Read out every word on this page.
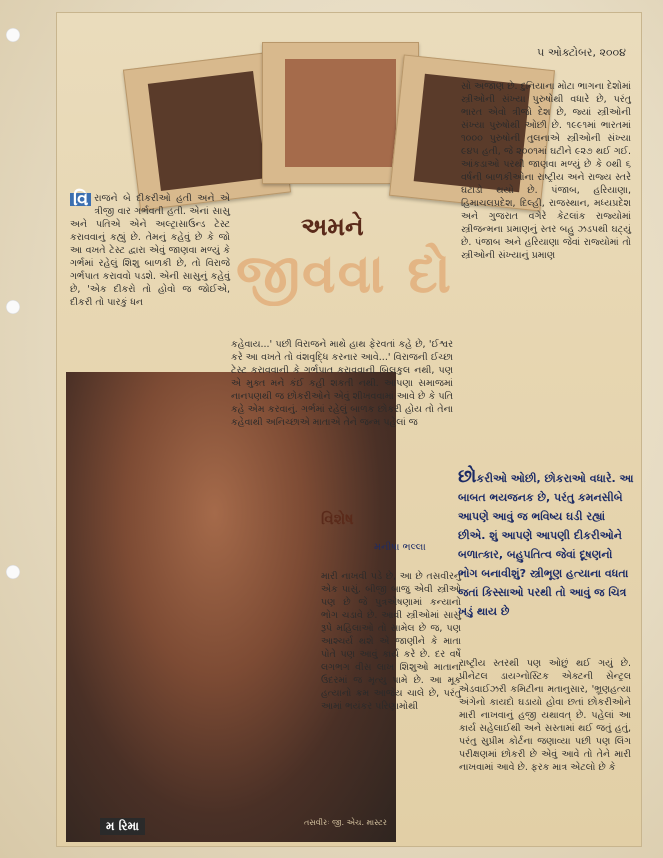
૫ ઓક્ટોબર, ૨૦૦૪
વિ રાજને બે દીકરીઓ હતી અને એ ત્રીજી વાર ગર્ભવતી હતી. એનાં સાસુ અને પતિએ એને અલ્ટ્રાસાઉન્ડ ટેસ્ટ કરાવવાનું કહ્યું છે. તેમનું કહેવું છે કે જો આ વખતે ટેસ્ટ દ્વારા એવું જાણવા મળ્યું કે ગર્ભમાં રહેલું શિશુ બાળકી છે, તો વિરાજે ગર્ભપાત કરાવવો પડશે. એની સાસુનું કહેવું છે, 'એક દીકરો તો હોવો જ જોઈએ, દીકરી તો પારકું ધન
અમને
જીવવા દો
સો અજાણ છે. દુનિયાના મોટા ભાગના દેશોમાં સ્ત્રીઓની સંખ્યા પુરુષોથી વધારે છે, પરંતુ ભારત એવો ત્રીજો દેશ છે, જ્યાં સ્ત્રીઓની સંખ્યા પુરુષોથી ઓછી છે. ૧૯૯૧માં ભારતમાં ૧૦૦૦ પુરુષોની તુલનાએ સ્ત્રીઓની સંખ્યા ૯૪૫ હતી, જે ૨૦૦૧માં ઘટીને ૯૨૭ થઈ ગઈ. આંકડાઓ પરથી જાણવા મળ્યું છે કે ૦થી ૬ વર્ષની બાળકીઓના રાષ્ટ્રીય અને રાજ્ય સ્તરે ઘટાડો થયો છે. પંજાબ, હરિયાણા, હિમાચલપ્રદેશ, દિલ્હી, રાજસ્થાન, મધ્યપ્રદેશ અને ગુજરાત વગેરે કેટલાંક રાજ્યોમાં સ્ત્રીજન્મના પ્રમાણનું સ્તર બહુ ઝડપથી ઘટ્યું છે. પંજાબ અને હરિયાણા જેવાં રાજ્યોમાં તો સ્ત્રીઓની સંખ્યાનું પ્રમાણ
કહેવાય...' પછી વિરાજને માથે હાથ ફેરવતાં કહે છે, 'ઈશ્વર કરે આ વખતે તો વંશવૃદ્ધિ કરનાર આવે...' વિરાજની ઈચ્છા ટેસ્ટ કરાવવાની કે ગર્ભપાત કરાવવાની બિલકુલ નથી, પણ એ મુક્ત મને કંઈ કહી શકતી નથી. આપણા સમાજમાં નાનપણથી જ છોકરીઓને એવું શીખવવામાં આવે છે કે પતિ કહે એમ કરવાનું. ગર્ભમાં રહેલું બાળક છોકરી હોય તો તેના કહેવાથી અનિચ્છાએ માતાએ તેને જન્મ પહેલાં જ
વિશેષ
મનીષા ભલ્લા
મારી નાખવી પડે છે, આ છે તસવીરનું એક પાસું. બીજી બાજુ એવી સ્ત્રીઓ પણ છે જે પુત્રએષણામાં કન્યાનો ભોગ ચડાવે છે. આવી સ્ત્રીઓમાં સાસુ રૂપે મહિલાઓ તો સામેલ છે જ, પણ આશ્ચર્ય થશે એ જાણીને કે માતા પોતે પણ આવું કાર્ય કરે છે. દર વર્ષે લગભગ વીસ લાખ શિશુઓ માતાના ઉદરમાં જ મૃત્યુ પામે છે. આ મૂક હત્યાનો ક્રમ આજેય ચાલે છે, પરંતુ આમાં ભયંકર પરિણામોથી
છોકરીઓ ઓછી, છોકરાઓ વધારે. આ બાબત ભયજનક છે, પરંતુ કમનસીબે આપણે આવું જ ભવિષ્ય ઘડી રહ્યાં છીએ. શું આપણે આપણી દીકરીઓને બળાત્કાર, બહુપતિત્વ જેવાં દૂષણનો ભોગ બનાવીશું? સ્ત્રીભૂણ હત્યાના વધતા જતાં કિસ્સાઓ પરથી તો આવું જ ચિત્ર ખડું થાય છે
રાષ્ટ્રીય સ્તરથી પણ ઓછું થઈ ગયું છે. પ્રીનેટલ ડાયગ્નોસ્ટિક એક્ટની સેન્ટ્રલ એડવાઈઝરી કમિટીના મતાનુસાર, 'ભ્રૂણહત્યા અંગેનો કાયદો ઘડાયો હોવા છતાં છોકરીઓને મારી નાખવાનું હજી યથાવત્ છે. પહેલાં આ કાર્ય સહેલાઈથી અને સસ્તામાં થઈ જતું હતું, પરંતુ સુપ્રીમ કોર્ટના જણાવ્યા પછી પણ લિંગ પરીક્ષણમાં છોકરી છે એવું આવે તો તેને મારી નાખવામાં આવે છે. ફરક માત્ર એટલો છે કે
મ રિમા	તસવીરઃ જી. એચ. માસ્ટર
